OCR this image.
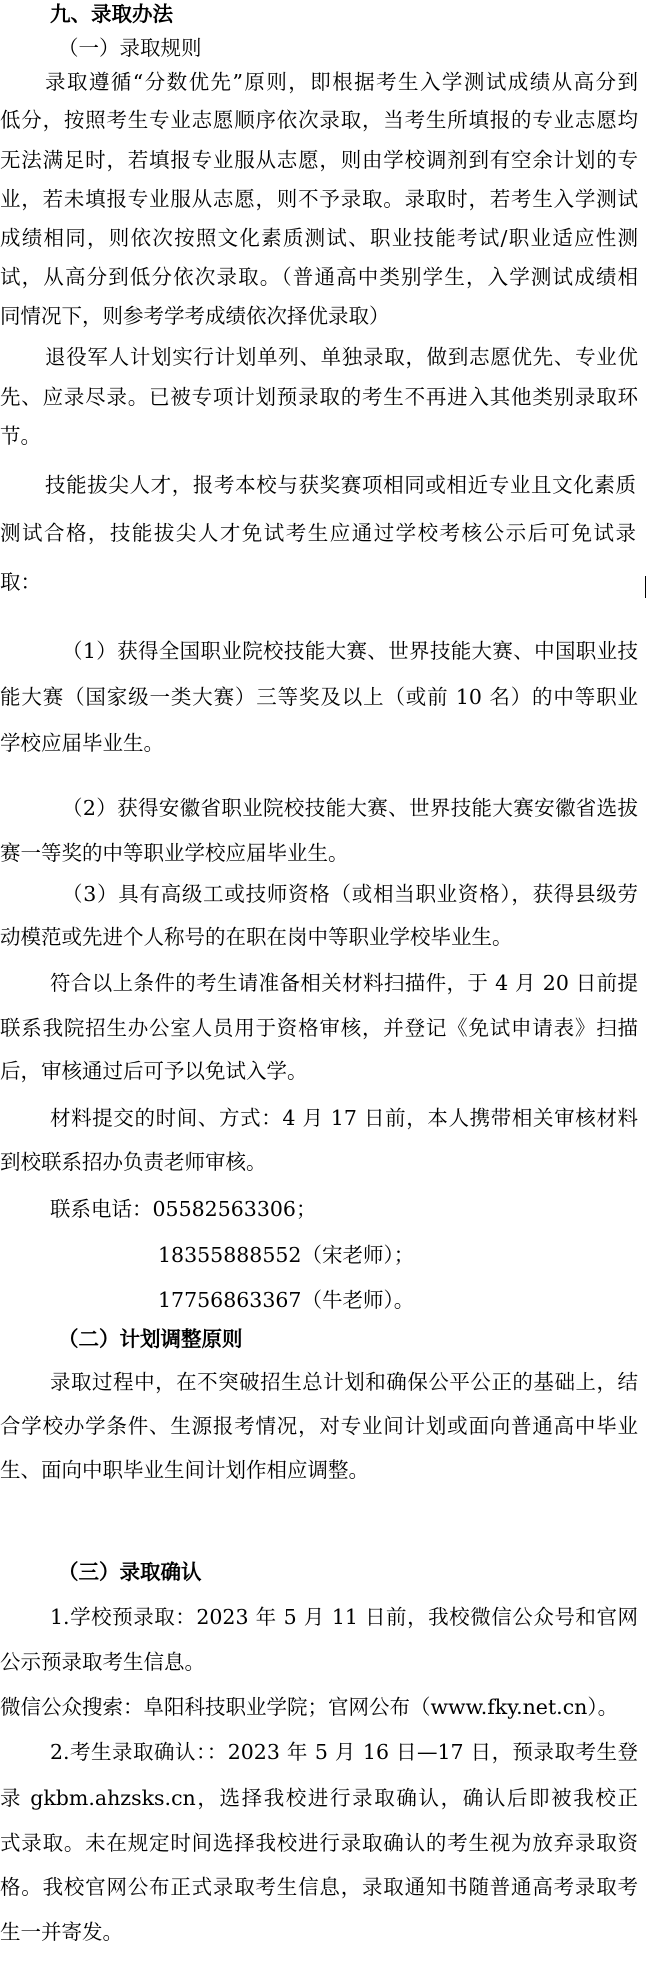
九、录取办法
（一）录取规则
录取遵循“分数优先”原则，即根据考生入学测试成绩从高分到
低分，按照考生专业志愿顺序依次录取，当考生所填报的专业志愿均
无法满足时，若填报专业服从志愿，则由学校调剂到有空余计划的专
业，若未填报专业服从志愿，则不予录取。录取时，若考生入学测试
成绩相同，则依次按照文化素质测试、职业技能考试/职业适应性测
试，从高分到低分依次录取。（普通高中类别学生，入学测试成绩相
同情况下，则参考学考成绩依次择优录取）
退役军人计划实行计划单列、单独录取，做到志愿优先、专业优
先、应录尽录。已被专项计划预录取的考生不再进入其他类别录取环
节。
技能拔尖人才，报考本校与获奖赛项相同或相近专业且文化素质
测试合格，技能拔尖人才免试考生应通过学校考核公示后可免试录
取：
（1）获得全国职业院校技能大赛、世界技能大赛、中国职业技
能大赛（国家级一类大赛）三等奖及以上（或前 10 名）的中等职业
学校应届毕业生。
（2）获得安徽省职业院校技能大赛、世界技能大赛安徽省选拔
赛一等奖的中等职业学校应届毕业生。
（3）具有高级工或技师资格（或相当职业资格），获得县级劳
动模范或先进个人称号的在职在岗中等职业学校毕业生。
符合以上条件的考生请准备相关材料扫描件，于 4 月 20 日前提
联系我院招生办公室人员用于资格审核，并登记《免试申请表》扫描
后，审核通过后可予以免试入学。
材料提交的时间、方式：4 月 17 日前，本人携带相关审核材料
到校联系招办负责老师审核。
联系电话：05582563306；
18355888552（宋老师）；
17756863367（牛老师）。
（二）计划调整原则
录取过程中，在不突破招生总计划和确保公平公正的基础上，结
合学校办学条件、生源报考情况，对专业间计划或面向普通高中毕业
生、面向中职毕业生间计划作相应调整。
（三）录取确认
1.学校预录取：2023 年 5 月 11 日前，我校微信公众号和官网
公示预录取考生信息。
微信公众搜索：阜阳科技职业学院；官网公布（www.fky.net.cn）。
2.考生录取确认：：2023 年 5 月 16 日—17 日，预录取考生登
录 gkbm.ahzsks.cn，选择我校进行录取确认，确认后即被我校正
式录取。未在规定时间选择我校进行录取确认的考生视为放弃录取资
格。我校官网公布正式录取考生信息，录取通知书随普通高考录取考
生一并寄发。
